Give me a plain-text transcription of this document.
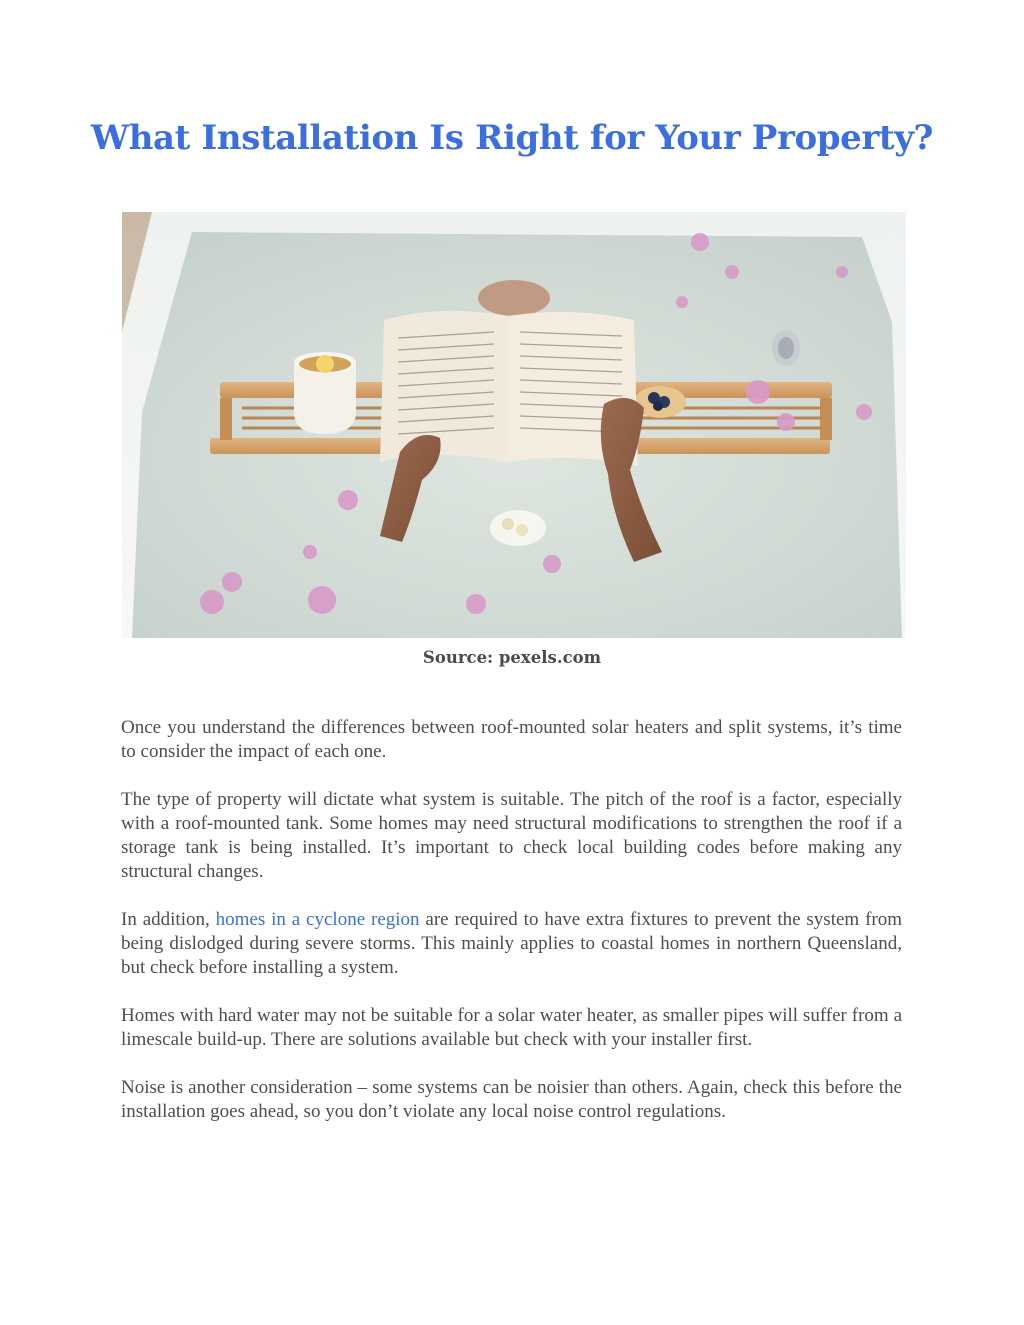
What Installation Is Right for Your Property?
Source: pexels.com

Once you understand the differences between roof-mounted solar heaters and split systems, it’s time to consider the impact of each one.

The type of property will dictate what system is suitable. The pitch of the roof is a factor, especially with a roof-mounted tank. Some homes may need structural modifications to strengthen the roof if a storage tank is being installed. It’s important to check local building codes before making any structural changes.

In addition, homes in a cyclone region are required to have extra fixtures to prevent the system from being dislodged during severe storms. This mainly applies to coastal homes in northern Queensland, but check before installing a system.

Homes with hard water may not be suitable for a solar water heater, as smaller pipes will suffer from a limescale build-up. There are solutions available but check with your installer first.

Noise is another consideration – some systems can be noisier than others. Again, check this before the installation goes ahead, so you don’t violate any local noise control regulations.
